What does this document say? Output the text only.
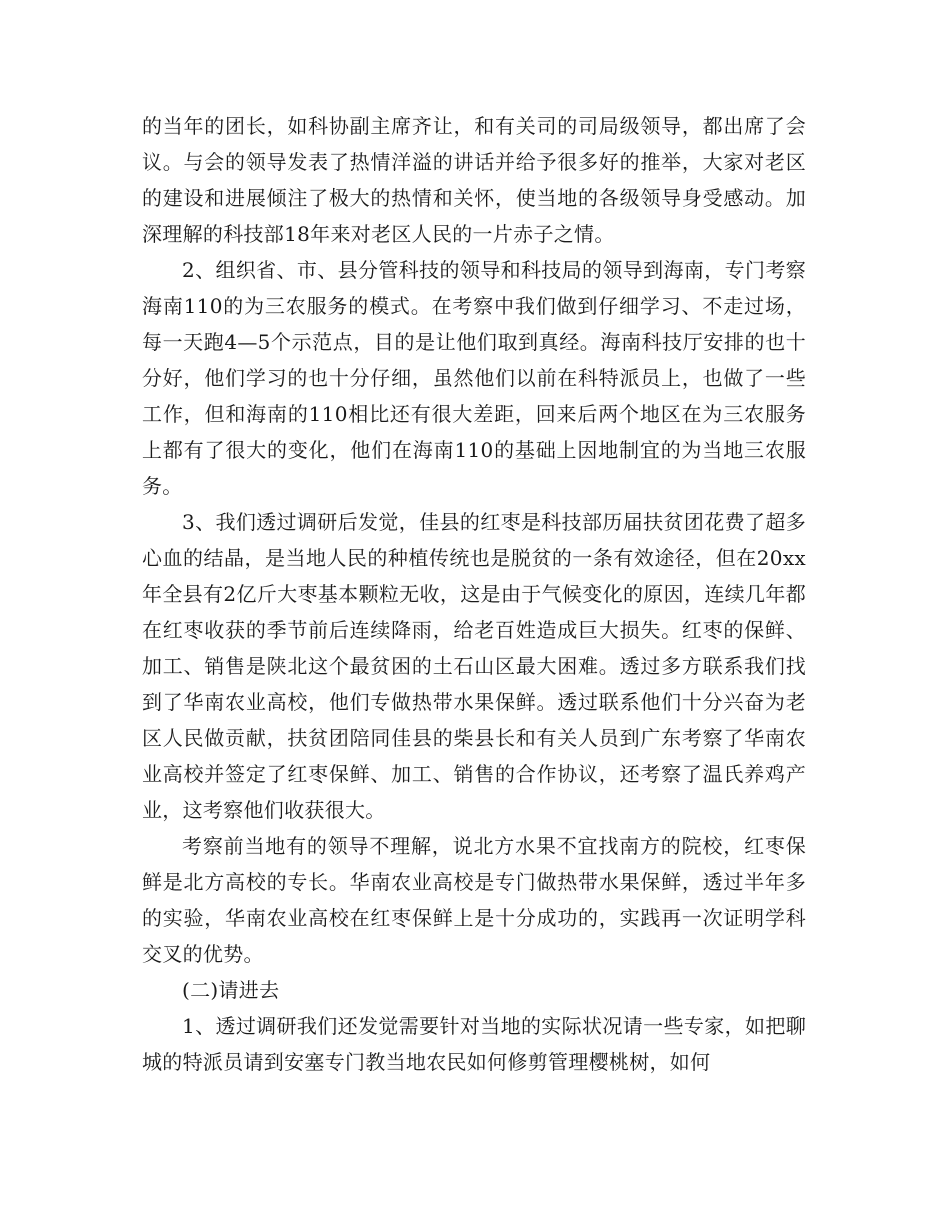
的当年的团长，如科协副主席齐让，和有关司的司局级领导，都出席了会议。与会的领导发表了热情洋溢的讲话并给予很多好的推举，大家对老区的建设和进展倾注了极大的热情和关怀，使当地的各级领导身受感动。加深理解的科技部18年来对老区人民的一片赤子之情。

2、组织省、市、县分管科技的领导和科技局的领导到海南，专门考察海南110的为三农服务的模式。在考察中我们做到仔细学习、不走过场，每一天跑4—5个示范点，目的是让他们取到真经。海南科技厅安排的也十分好，他们学习的也十分仔细，虽然他们以前在科特派员上，也做了一些工作，但和海南的110相比还有很大差距，回来后两个地区在为三农服务上都有了很大的变化，他们在海南110的基础上因地制宜的为当地三农服务。

3、我们透过调研后发觉，佳县的红枣是科技部历届扶贫团花费了超多心血的结晶，是当地人民的种植传统也是脱贫的一条有效途径，但在20xx年全县有2亿斤大枣基本颗粒无收，这是由于气候变化的原因，连续几年都在红枣收获的季节前后连续降雨，给老百姓造成巨大损失。红枣的保鲜、加工、销售是陕北这个最贫困的土石山区最大困难。透过多方联系我们找到了华南农业高校，他们专做热带水果保鲜。透过联系他们十分兴奋为老区人民做贡献，扶贫团陪同佳县的柴县长和有关人员到广东考察了华南农业高校并签定了红枣保鲜、加工、销售的合作协议，还考察了温氏养鸡产业，这考察他们收获很大。

考察前当地有的领导不理解，说北方水果不宜找南方的院校，红枣保鲜是北方高校的专长。华南农业高校是专门做热带水果保鲜，透过半年多的实验，华南农业高校在红枣保鲜上是十分成功的，实践再一次证明学科交叉的优势。

(二)请进去

1、透过调研我们还发觉需要针对当地的实际状况请一些专家，如把聊城的特派员请到安塞专门教当地农民如何修剪管理樱桃树，如何
